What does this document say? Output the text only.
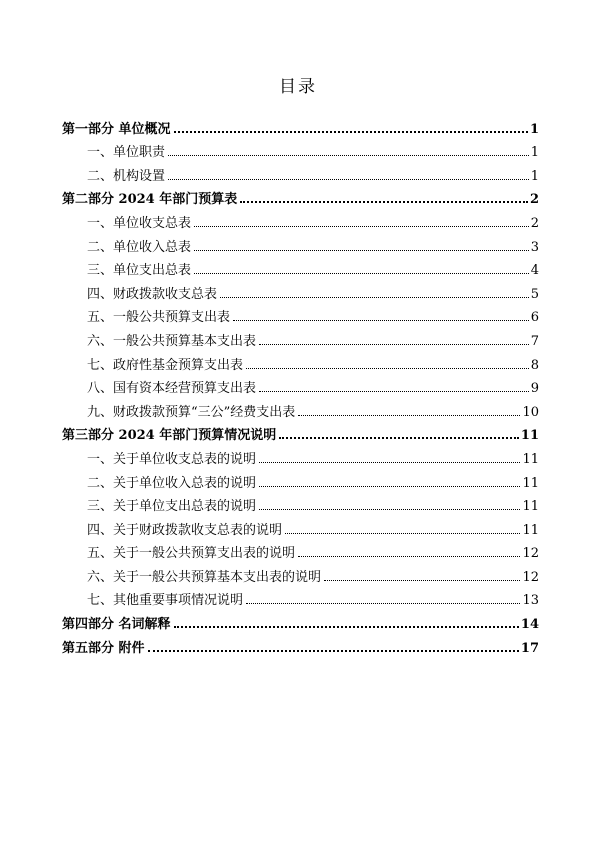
目录
第一部分 单位概况	1
一、单位职责	1
二、机构设置	1
第二部分 2024 年部门预算表	2
一、单位收支总表	2
二、单位收入总表	3
三、单位支出总表	4
四、财政拨款收支总表	5
五、一般公共预算支出表	6
六、一般公共预算基本支出表	7
七、政府性基金预算支出表	8
八、国有资本经营预算支出表	9
九、财政拨款预算“三公”经费支出表	10
第三部分 2024 年部门预算情况说明	11
一、关于单位收支总表的说明	11
二、关于单位收入总表的说明	11
三、关于单位支出总表的说明	11
四、关于财政拨款收支总表的说明	11
五、关于一般公共预算支出表的说明	12
六、关于一般公共预算基本支出表的说明	12
七、其他重要事项情况说明	13
第四部分 名词解释	14
第五部分 附件	17
